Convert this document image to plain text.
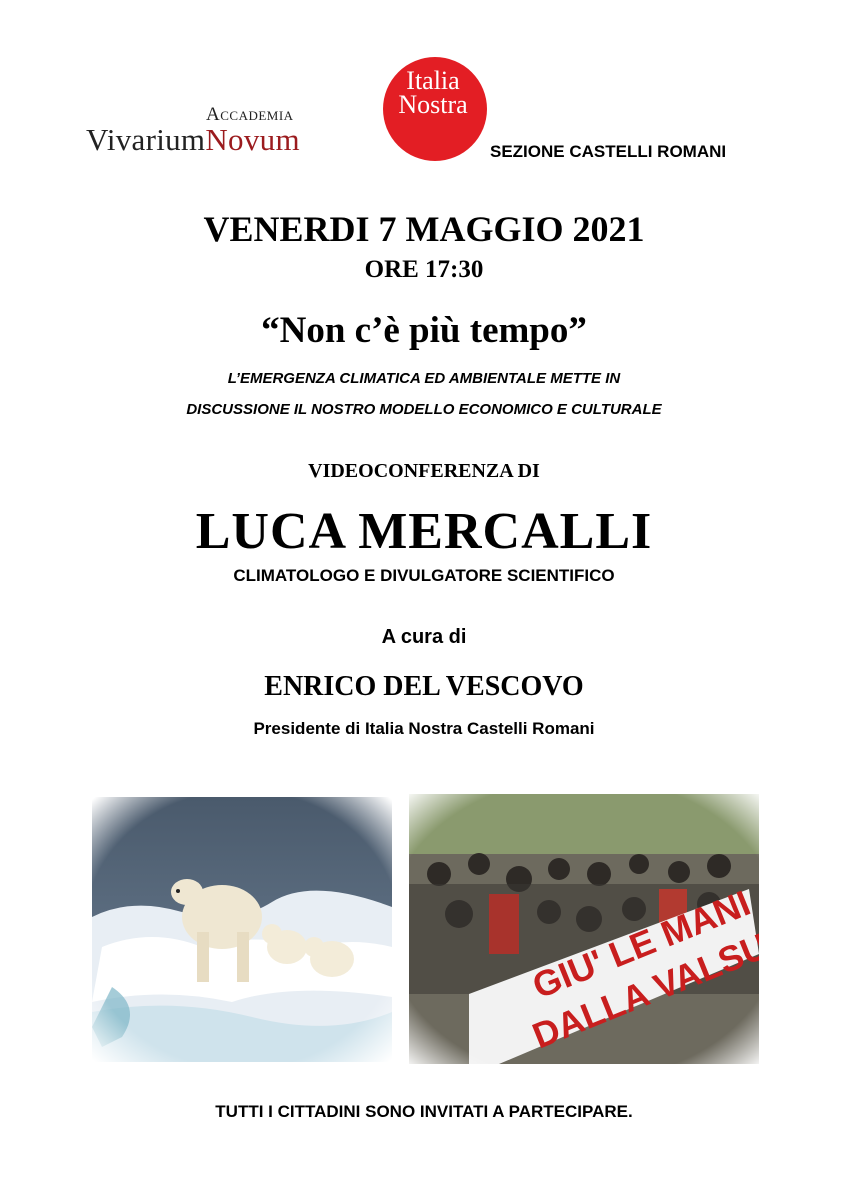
Accademia
VivariumNovum
Italia
Nostra
SEZIONE CASTELLI ROMANI
VENERDI 7 MAGGIO 2021
ORE 17:30
“Non c’è più tempo”
L’EMERGENZA CLIMATICA ED AMBIENTALE METTE IN
DISCUSSIONE IL NOSTRO MODELLO ECONOMICO E CULTURALE
VIDEOCONFERENZA DI
LUCA MERCALLI
CLIMATOLOGO E DIVULGATORE SCIENTIFICO
A cura di
ENRICO DEL VESCOVO
Presidente di Italia Nostra Castelli Romani
TUTTI I CITTADINI SONO INVITATI A PARTECIPARE.
